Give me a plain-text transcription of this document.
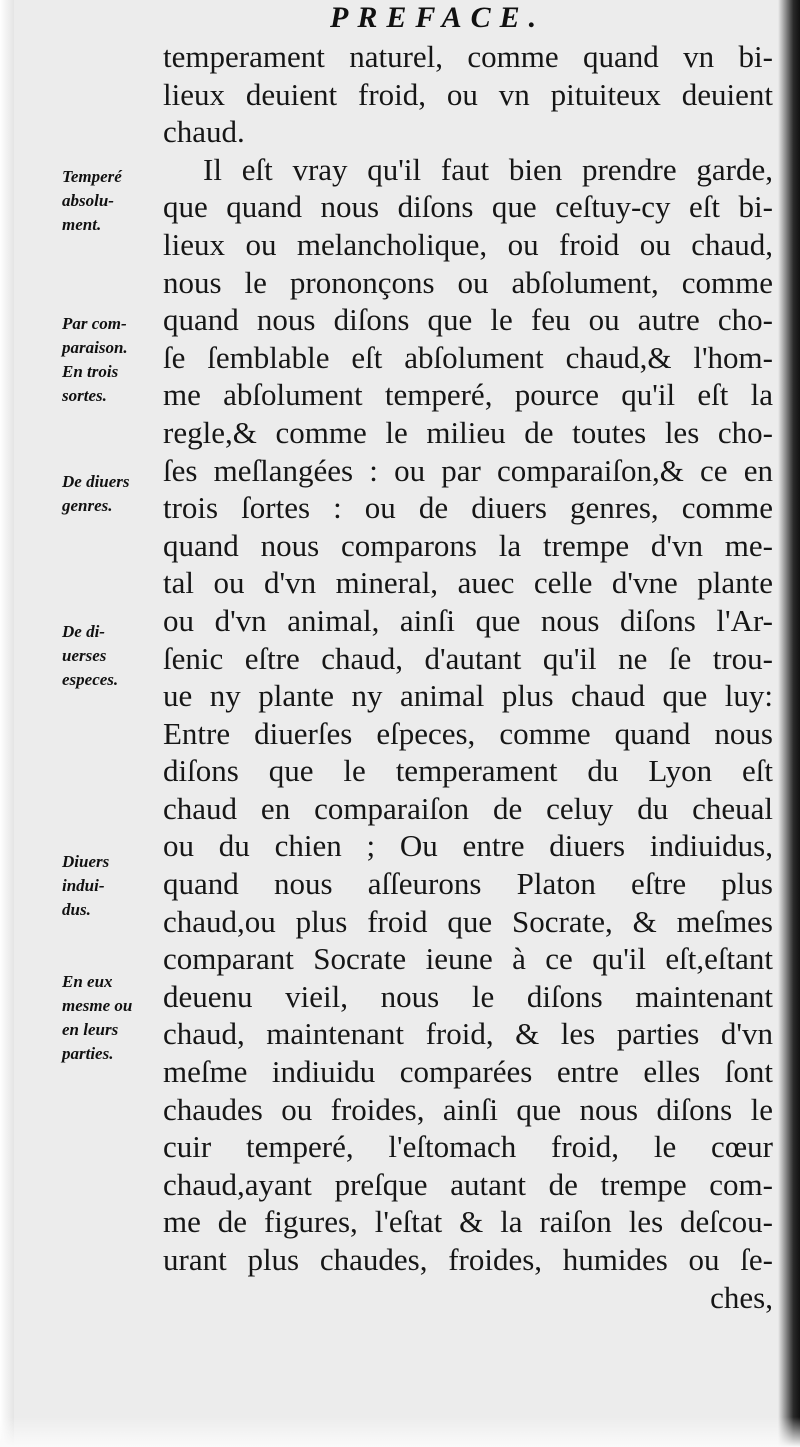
PREFACE.
Temperé
absolu-
ment.
Par com-
paraison.
En trois
sortes.
De diuers
genres.
De di-
uerses
especes.
Diuers
indui-
dus.
En eux
mesme ou
en leurs
parties.
temperament naturel, comme quand vn bi-
lieux deuient froid, ou vn pituiteux deuient
chaud.
Il eſt vray qu'il faut bien prendre garde,
que quand nous diſons que ceſtuy-cy eſt bi-
lieux ou melancholique, ou froid ou chaud,
nous le prononçons ou abſolument, comme
quand nous diſons que le feu ou autre cho-
ſe ſemblable eſt abſolument chaud,& l'hom-
me abſolument temperé, pource qu'il eſt la
regle,& comme le milieu de toutes les cho-
ſes meſlangées : ou par comparaiſon,& ce en
trois ſortes : ou de diuers genres, comme
quand nous comparons la trempe d'vn me-
tal ou d'vn mineral, auec celle d'vne plante
ou d'vn animal, ainſi que nous diſons l'Ar-
ſenic eſtre chaud, d'autant qu'il ne ſe trou-
ue ny plante ny animal plus chaud que luy:
Entre diuerſes eſpeces, comme quand nous
diſons que le temperament du Lyon eſt
chaud en comparaiſon de celuy du cheual
ou du chien ; Ou entre diuers indiuidus,
quand nous aſſeurons Platon eſtre plus
chaud,ou plus froid que Socrate, & meſmes
comparant Socrate ieune à ce qu'il eſt,eſtant
deuenu vieil, nous le diſons maintenant
chaud, maintenant froid, & les parties d'vn
meſme indiuidu comparées entre elles ſont
chaudes ou froides, ainſi que nous diſons le
cuir temperé, l'eſtomach froid, le cœur
chaud,ayant preſque autant de trempe com-
me de figures, l'eſtat & la raiſon les deſcou-
urant plus chaudes, froides, humides ou ſe-
ches,
